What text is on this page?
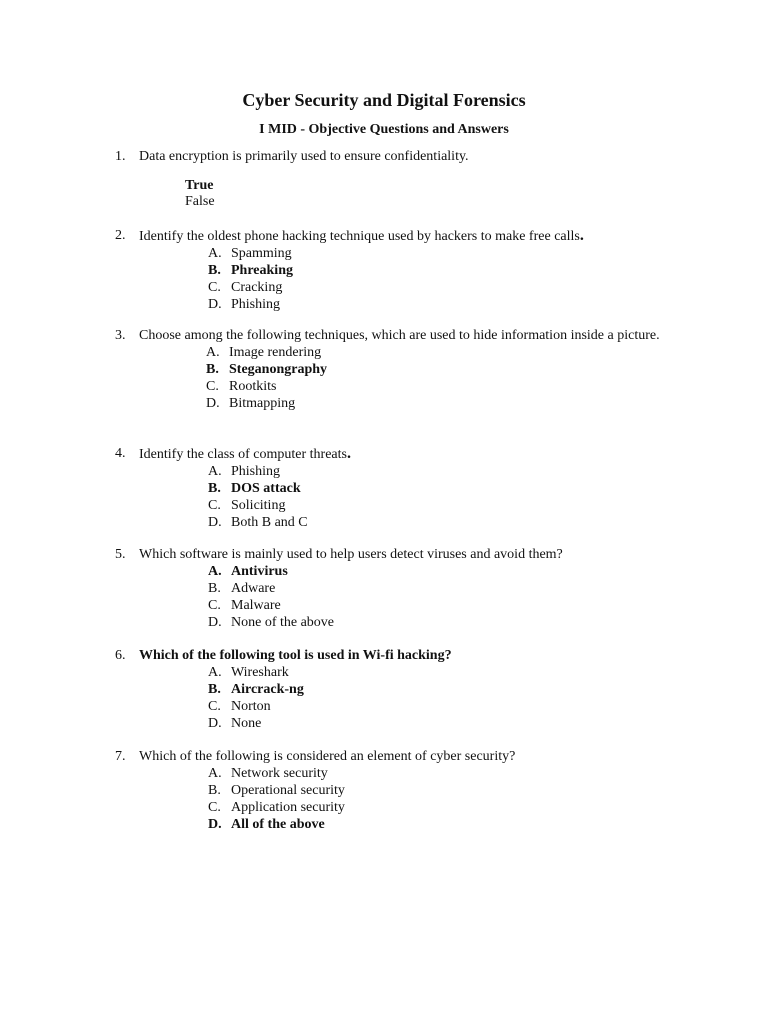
Cyber Security and Digital Forensics
I MID - Objective Questions and Answers
1. Data encryption is primarily used to ensure confidentiality.
True
False
2. Identify the oldest phone hacking technique used by hackers to make free calls.
A. Spamming
B. Phreaking
C. Cracking
D. Phishing
3. Choose among the following techniques, which are used to hide information inside a picture.
A. Image rendering
B. Steganongraphy
C. Rootkits
D. Bitmapping
4. Identify the class of computer threats.
A. Phishing
B. DOS attack
C. Soliciting
D. Both B and C
5. Which software is mainly used to help users detect viruses and avoid them?
A. Antivirus
B. Adware
C. Malware
D. None of the above
6. Which of the following tool is used in Wi-fi hacking?
A. Wireshark
B. Aircrack-ng
C. Norton
D. None
7. Which of the following is considered an element of cyber security?
A. Network security
B. Operational security
C. Application security
D. All of the above
